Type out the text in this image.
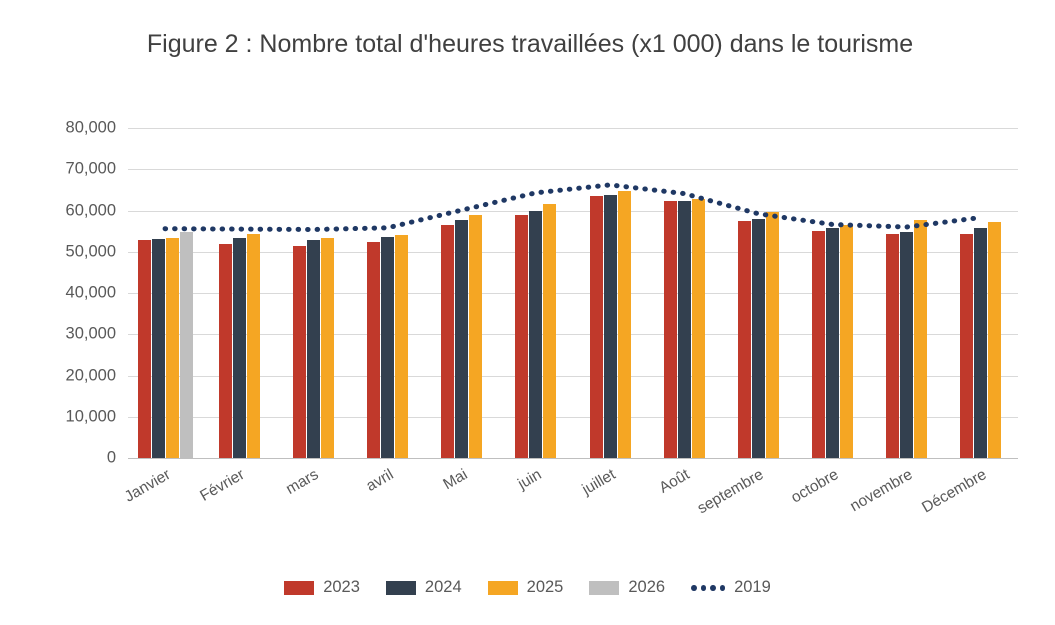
Figure 2 : Nombre total d'heures travaillées (x1 000) dans le tourisme
0
10,000
20,000
30,000
40,000
50,000
60,000
70,000
80,000
Janvier	Février	mars	avril	Mai	juin	juillet	Août septembre	octobre novembre Décembre
2023	2024	2025	2026	2019
